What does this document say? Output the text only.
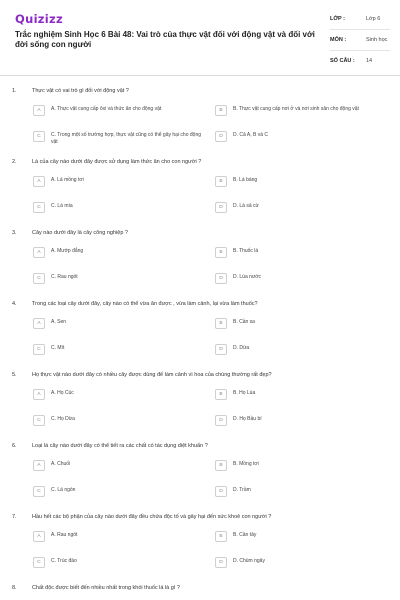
Quizizz
Trắc nghiệm Sinh Học 6 Bài 48: Vai trò của thực vật đối với động vật và đối với đời sống con người
LỚP :	Lớp 6
MÔN :	Sinh học
SỐ CÂU : 14
1.	Thực vật có vai trò gì đối với động vật ?
A	A. Thực vật cung cấp ôxi và thức ăn cho động vật	B	B. Thực vật cung cấp nơi ở và nơi sinh sản cho động vật
C	C. Trong một số trường hợp, thực vật cũng có thể gây hại cho động vật
D	D. Cả A, B và C
2.	Lá của cây nào dưới đây được sử dụng làm thức ăn cho con người ?
A	A. Lá mồng tơi	B	B. Lá bàng
C	C. Lá mía	D	D. Lá sả cừ
3.	Cây nào dưới đây là cây công nghiệp ?
A	A. Mướp đắng	B	B. Thuốc lá
C	C. Rau ngót	D	D. Lúa nước
4.	Trong các loại cây dưới đây, cây nào có thể vừa ăn được , vừa làm cảnh, lại vừa làm thuốc?
A	A. Sen	B	B. Cần sa
C	C. Mít	D	D. Dừa
5.	Họ thực vật nào dưới đây có nhiều cây được dùng để làm cảnh vì hoa của chúng thường rất đẹp?
A	A. Họ Cúc	B	B. Họ Lúa
C	C. Họ Dừa	D	D. Họ Bầu bí
6.	Loại lá cây nào dưới đây có thể tiết ra các chất có tác dụng diệt khuẩn ?
A	A. Chuối	B	B. Mồng tơi
C	C. Lá ngón	D	D. Trầm
7.	Hầu hết các bộ phận của cây nào dưới đây đều chứa độc tố và gây hại đến sức khoẻ con người ?
A	A. Rau ngót	B	B. Cần tây
C	C. Trúc đào	D	D. Chùm ngây
8.	Chất độc được biết đến nhiều nhất trong khói thuốc lá là gì ?
